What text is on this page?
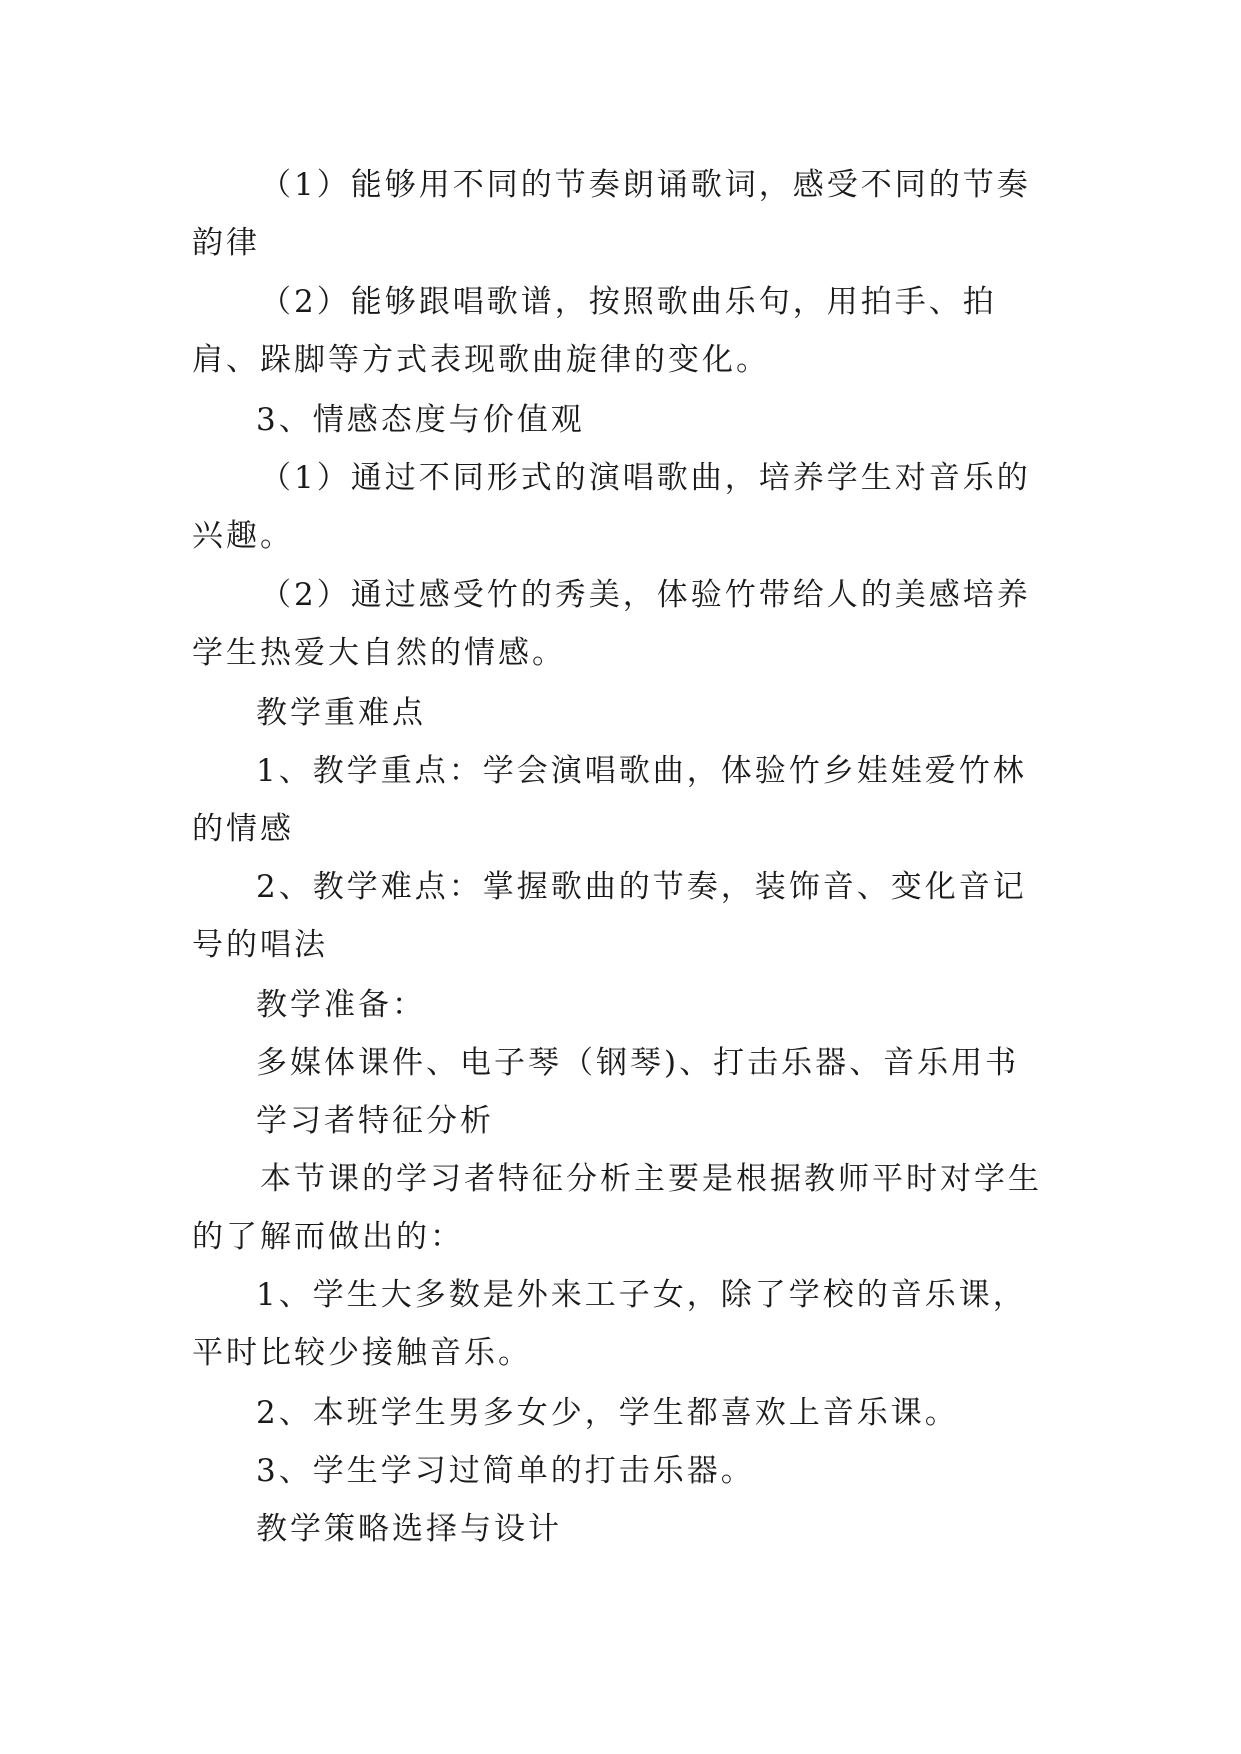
（1）能够用不同的节奏朗诵歌词，感受不同的节奏韵律
（2）能够跟唱歌谱，按照歌曲乐句，用拍手、拍肩、跺脚等方式表现歌曲旋律的变化。
3、情感态度与价值观
（1）通过不同形式的演唱歌曲，培养学生对音乐的兴趣。
（2）通过感受竹的秀美，体验竹带给人的美感培养学生热爱大自然的情感。
教学重难点
1、教学重点：学会演唱歌曲，体验竹乡娃娃爱竹林的情感
2、教学难点：掌握歌曲的节奏，装饰音、变化音记号的唱法
教学准备：
多媒体课件、电子琴（钢琴)、打击乐器、音乐用书
学习者特征分析
本节课的学习者特征分析主要是根据教师平时对学生的了解而做出的：
1、学生大多数是外来工子女，除了学校的音乐课，平时比较少接触音乐。
2、本班学生男多女少，学生都喜欢上音乐课。
3、学生学习过简单的打击乐器。
教学策略选择与设计
